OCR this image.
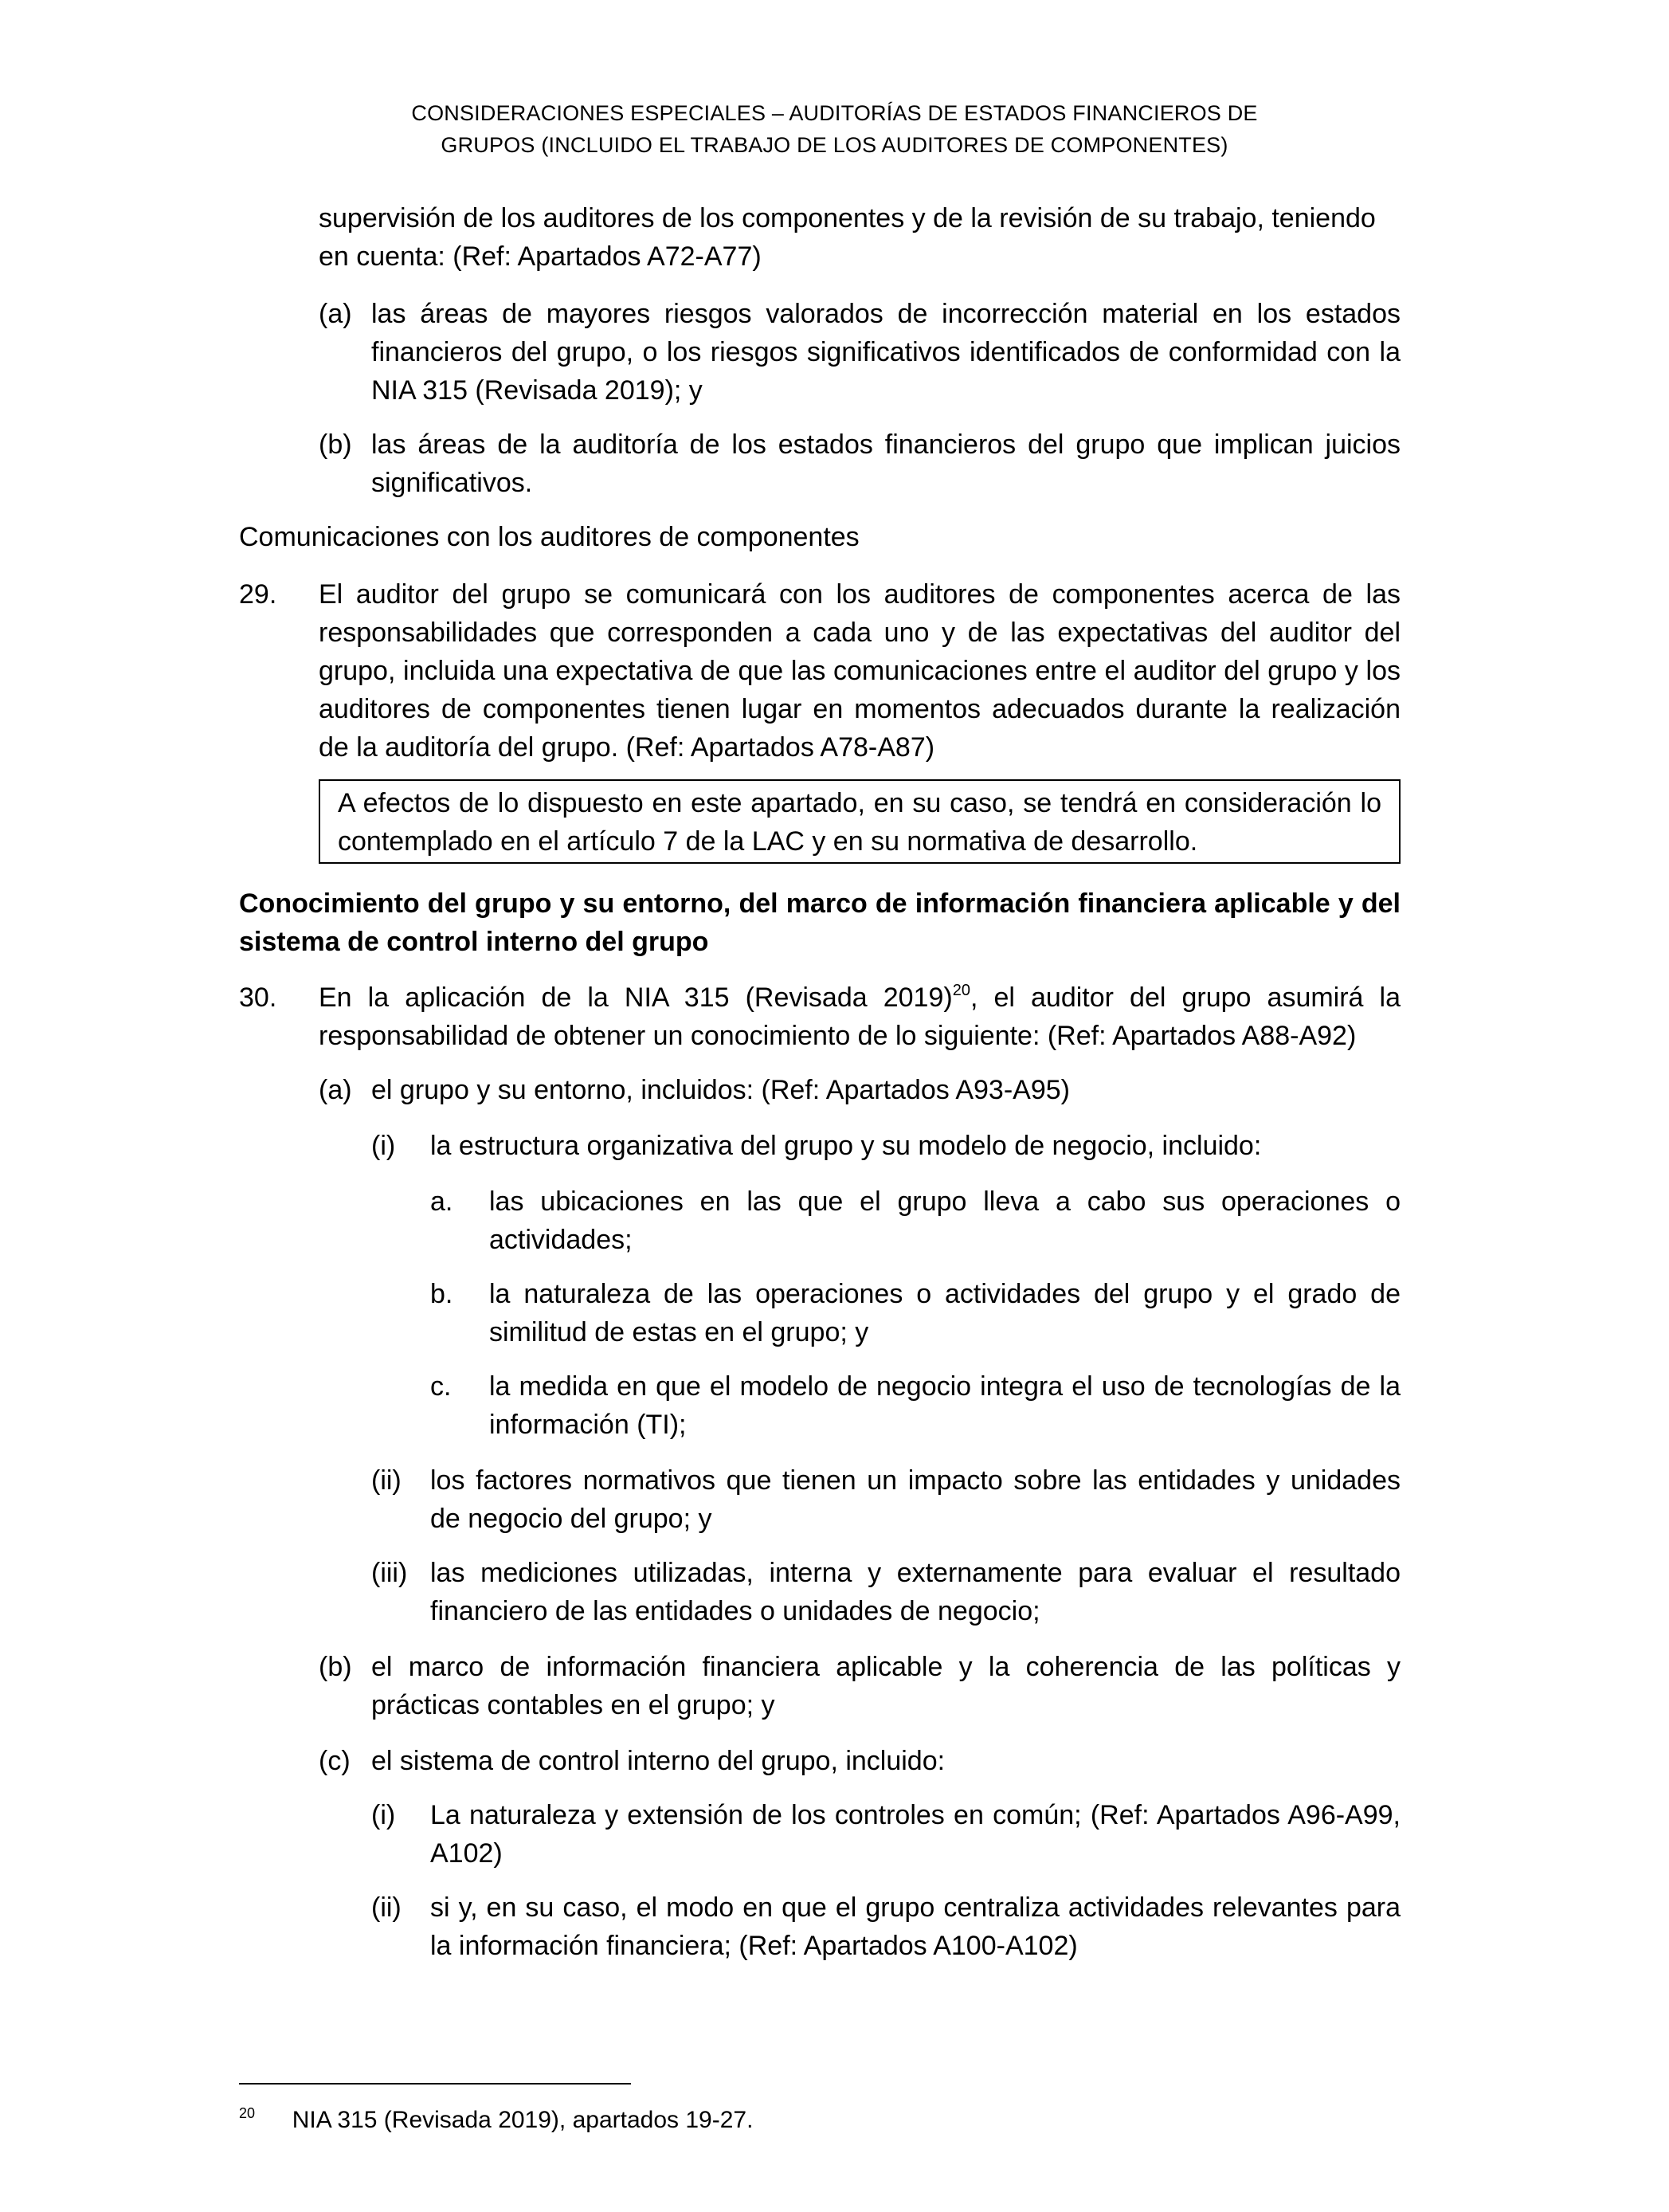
CONSIDERACIONES ESPECIALES – AUDITORÍAS DE ESTADOS FINANCIEROS DE
GRUPOS (INCLUIDO EL TRABAJO DE LOS AUDITORES DE COMPONENTES)
supervisión de los auditores de los componentes y de la revisión de su trabajo, teniendo
en cuenta: (Ref: Apartados A72-A77)
(a) las áreas de mayores riesgos valorados de incorrección material en los estados financieros del grupo, o los riesgos significativos identificados de conformidad con la NIA 315 (Revisada 2019); y
(b) las áreas de la auditoría de los estados financieros del grupo que implican juicios significativos.
Comunicaciones con los auditores de componentes
29. El auditor del grupo se comunicará con los auditores de componentes acerca de las responsabilidades que corresponden a cada uno y de las expectativas del auditor del grupo, incluida una expectativa de que las comunicaciones entre el auditor del grupo y los auditores de componentes tienen lugar en momentos adecuados durante la realización de la auditoría del grupo. (Ref: Apartados A78-A87)
A efectos de lo dispuesto en este apartado, en su caso, se tendrá en consideración lo contemplado en el artículo 7 de la LAC y en su normativa de desarrollo.
Conocimiento del grupo y su entorno, del marco de información financiera aplicable y del sistema de control interno del grupo
30. En la aplicación de la NIA 315 (Revisada 2019)$^{20}$, el auditor del grupo asumirá la responsabilidad de obtener un conocimiento de lo siguiente: (Ref: Apartados A88-A92)
(a) el grupo y su entorno, incluidos: (Ref: Apartados A93-A95)
(i) la estructura organizativa del grupo y su modelo de negocio, incluido:
a. las ubicaciones en las que el grupo lleva a cabo sus operaciones o actividades;
b. la naturaleza de las operaciones o actividades del grupo y el grado de similitud de estas en el grupo; y
c. la medida en que el modelo de negocio integra el uso de tecnologías de la información (TI);
(ii) los factores normativos que tienen un impacto sobre las entidades y unidades de negocio del grupo; y
(iii) las mediciones utilizadas, interna y externamente para evaluar el resultado financiero de las entidades o unidades de negocio;
(b) el marco de información financiera aplicable y la coherencia de las políticas y prácticas contables en el grupo; y
(c) el sistema de control interno del grupo, incluido:
(i) La naturaleza y extensión de los controles en común; (Ref: Apartados A96-A99, A102)
(ii) si y, en su caso, el modo en que el grupo centraliza actividades relevantes para la información financiera; (Ref: Apartados A100-A102)
$^{20}$ NIA 315 (Revisada 2019), apartados 19-27.
